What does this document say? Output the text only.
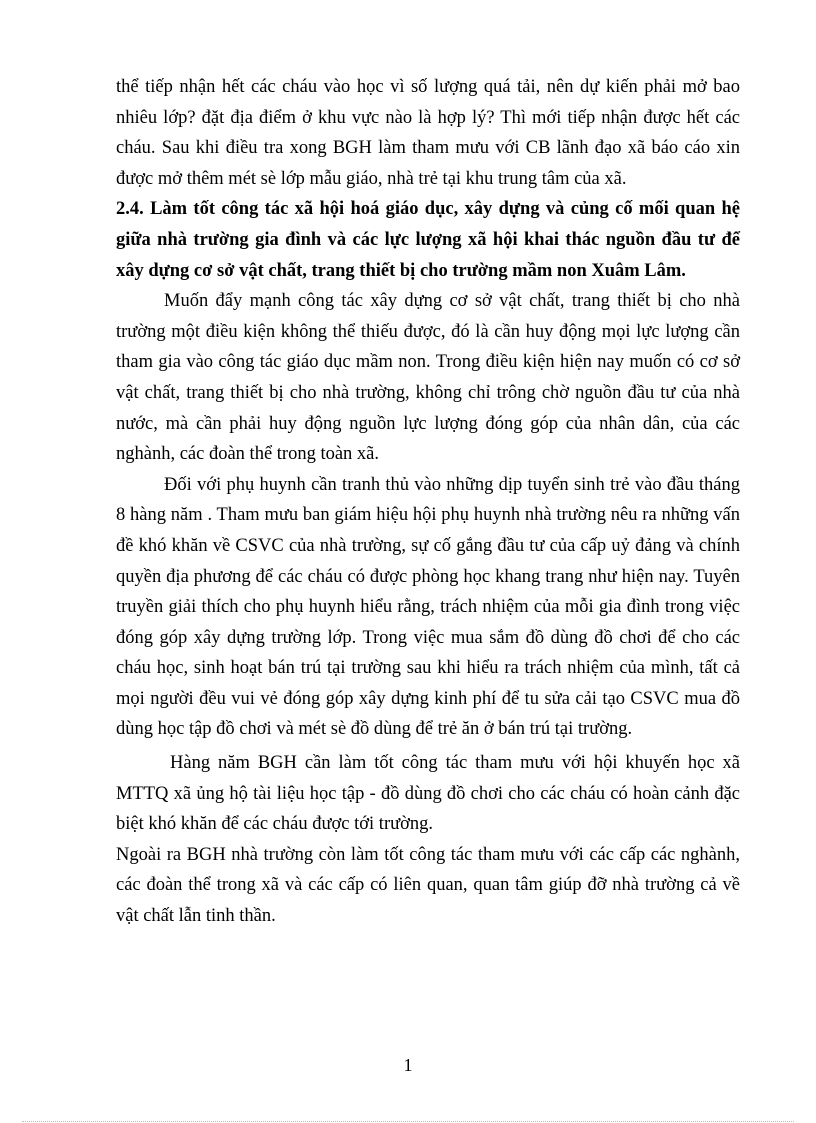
thể tiếp nhận hết các cháu vào học vì số lượng quá tải, nên dự kiến phải mở bao nhiêu lớp? đặt địa điểm ở khu vực nào là hợp lý? Thì mới tiếp nhận được hết các cháu. Sau khi điều tra xong BGH làm tham mưu với CB lãnh đạo xã báo cáo xin được mở thêm mét sè lớp mẫu giáo, nhà trẻ tại khu trung tâm của xã.

2.4. Làm tốt công tác xã hội hoá giáo dục, xây dựng và củng cố mối quan hệ giữa nhà trường gia đình và các lực lượng xã hội khai thác nguồn đầu tư để xây dựng cơ sở vật chất, trang thiết bị cho trường mầm non Xuâm Lâm.

Muốn đẩy mạnh công tác xây dựng cơ sở vật chất, trang thiết bị cho nhà trường một điều kiện không thể thiếu được, đó là cần huy động mọi lực lượng cần tham gia vào công tác giáo dục mầm non. Trong điều kiện hiện nay muốn có cơ sở vật chất, trang thiết bị cho nhà trường, không chỉ trông chờ nguồn đầu tư của nhà nước, mà cần phải huy động nguồn lực lượng đóng góp của nhân dân, của các nghành, các đoàn thể trong toàn xã.

Đối với phụ huynh cần tranh thủ vào những dịp tuyển sinh trẻ vào đầu tháng 8 hàng năm . Tham mưu ban giám hiệu hội phụ huynh nhà trường nêu ra những vấn đề khó khăn về CSVC của nhà trường, sự cố gắng đầu tư của cấp uỷ đảng và chính quyền địa phương để các cháu có được phòng học khang trang như hiện nay. Tuyên truyền giải thích cho phụ huynh hiểu rằng, trách nhiệm của mỗi gia đình trong việc đóng góp xây dựng trường lớp. Trong việc mua sắm đồ dùng đồ chơi để cho các cháu học, sinh hoạt bán trú tại trường sau khi hiểu ra trách nhiệm của mình, tất cả mọi người đều vui vẻ đóng góp xây dựng kinh phí để tu sửa cải tạo CSVC mua đồ dùng học tập đồ chơi và mét sè đồ dùng để trẻ ăn ở bán trú tại trường.

Hàng năm BGH cần làm tốt công tác tham mưu với hội khuyến học xã MTTQ xã ủng hộ tài liệu học tập - đồ dùng đồ chơi cho các cháu có hoàn cảnh đặc biệt khó khăn để các cháu được tới trường.

Ngoài ra BGH nhà trường còn làm tốt công tác tham mưu với các cấp các nghành, các đoàn thể trong xã và các cấp có liên quan, quan tâm giúp đỡ nhà trường cả về vật chất lẫn tinh thần.

1
